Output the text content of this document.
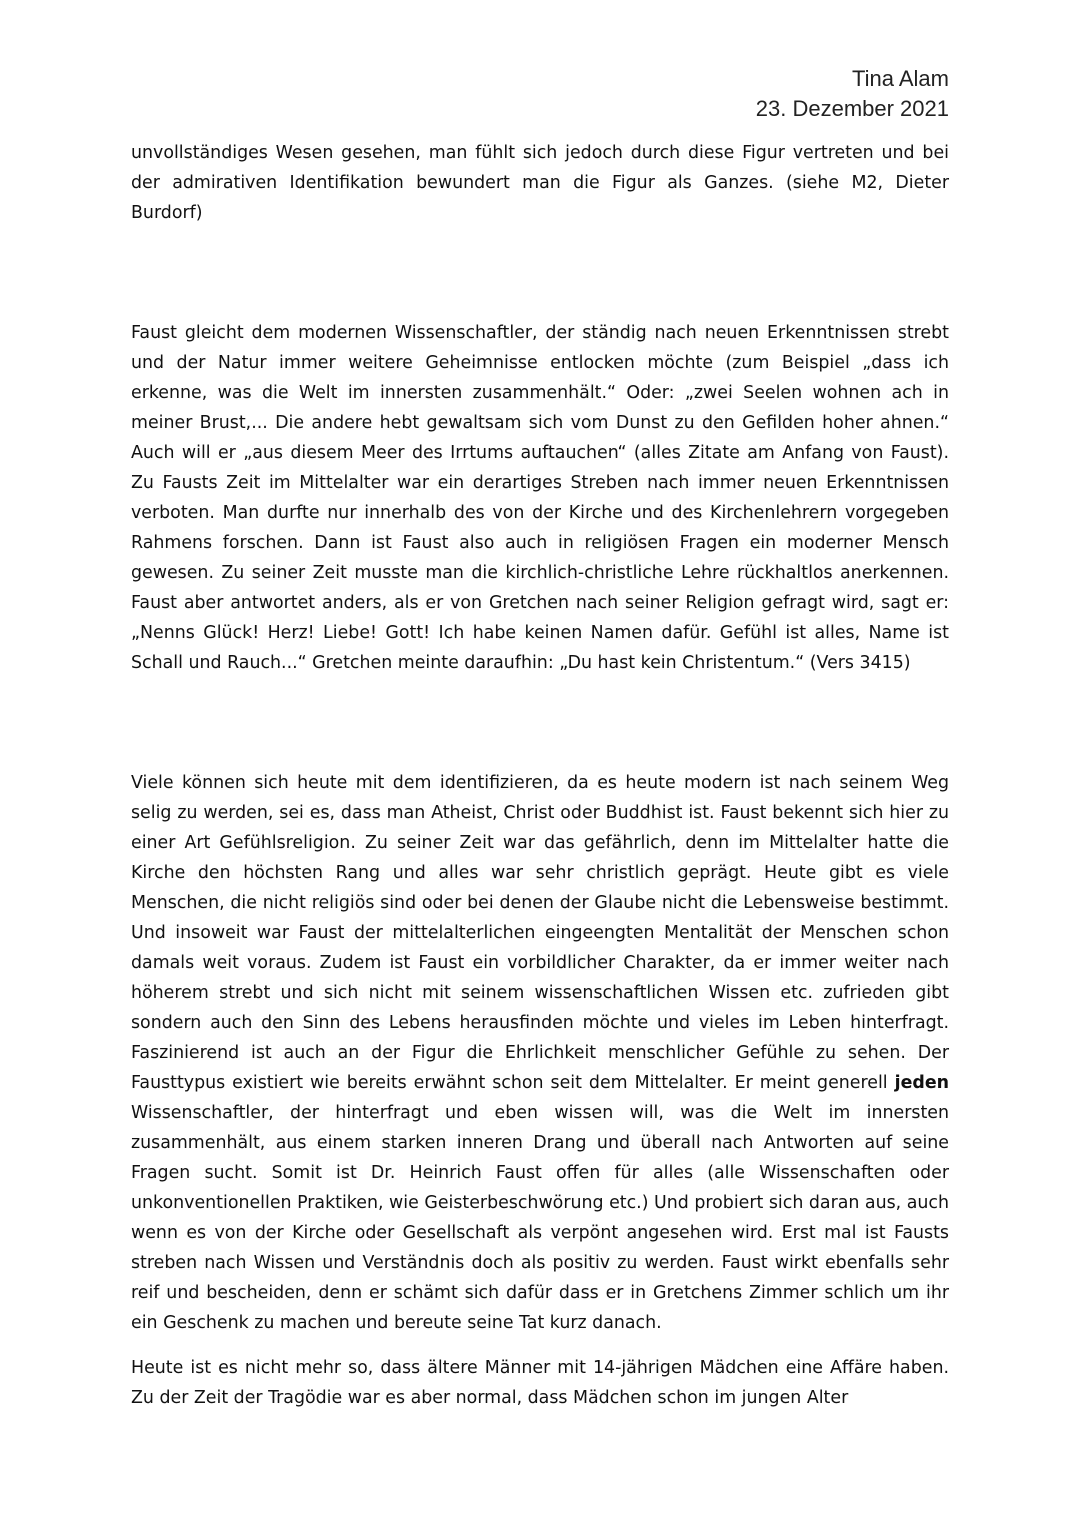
Tina Alam
23. Dezember 2021

unvollständiges Wesen gesehen, man fühlt sich jedoch durch diese Figur vertreten und bei der admirativen Identifikation bewundert man die Figur als Ganzes. (siehe M2, Dieter Burdorf)

Faust gleicht dem modernen Wissenschaftler, der ständig nach neuen Erkenntnissen strebt und der Natur immer weitere Geheimnisse entlocken möchte (zum Beispiel „dass ich erkenne, was die Welt im innersten zusammenhält.“ Oder: „zwei Seelen wohnen ach in meiner Brust,... Die andere hebt gewaltsam sich vom Dunst zu den Gefilden hoher ahnen.“ Auch will er „aus diesem Meer des Irrtums auftauchen“ (alles Zitate am Anfang von Faust). Zu Fausts Zeit im Mittelalter war ein derartiges Streben nach immer neuen Erkenntnissen verboten. Man durfte nur innerhalb des von der Kirche und des Kirchenlehrern vorgegeben Rahmens forschen. Dann ist Faust also auch in religiösen Fragen ein moderner Mensch gewesen. Zu seiner Zeit musste man die kirchlich-christliche Lehre rückhaltlos anerkennen. Faust aber antwortet anders, als er von Gretchen nach seiner Religion gefragt wird, sagt er: „Nenns Glück! Herz! Liebe! Gott! Ich habe keinen Namen dafür. Gefühl ist alles, Name ist Schall und Rauch...“ Gretchen meinte daraufhin: „Du hast kein Christentum.“ (Vers 3415)

Viele können sich heute mit dem identifizieren, da es heute modern ist nach seinem Weg selig zu werden, sei es, dass man Atheist, Christ oder Buddhist ist. Faust bekennt sich hier zu einer Art Gefühlsreligion. Zu seiner Zeit war das gefährlich, denn im Mittelalter hatte die Kirche den höchsten Rang und alles war sehr christlich geprägt. Heute gibt es viele Menschen, die nicht religiös sind oder bei denen der Glaube nicht die Lebensweise bestimmt. Und insoweit war Faust der mittelalterlichen eingeengten Mentalität der Menschen schon damals weit voraus. Zudem ist Faust ein vorbildlicher Charakter, da er immer weiter nach höherem strebt und sich nicht mit seinem wissenschaftlichen Wissen etc. zufrieden gibt sondern auch den Sinn des Lebens herausfinden möchte und vieles im Leben hinterfragt. Faszinierend ist auch an der Figur die Ehrlichkeit menschlicher Gefühle zu sehen. Der Fausttypus existiert wie bereits erwähnt schon seit dem Mittelalter. Er meint generell jeden Wissenschaftler, der hinterfragt und eben wissen will, was die Welt im innersten zusammenhält, aus einem starken inneren Drang und überall nach Antworten auf seine Fragen sucht. Somit ist Dr. Heinrich Faust offen für alles (alle Wissenschaften oder unkonventionellen Praktiken, wie Geisterbeschwörung etc.) Und probiert sich daran aus, auch wenn es von der Kirche oder Gesellschaft als verpönt angesehen wird. Erst mal ist Fausts streben nach Wissen und Verständnis doch als positiv zu werden. Faust wirkt ebenfalls sehr reif und bescheiden, denn er schämt sich dafür dass er in Gretchens Zimmer schlich um ihr ein Geschenk zu machen und bereute seine Tat kurz danach.

Heute ist es nicht mehr so, dass ältere Männer mit 14-jährigen Mädchen eine Affäre haben. Zu der Zeit der Tragödie war es aber normal, dass Mädchen schon im jungen Alter
